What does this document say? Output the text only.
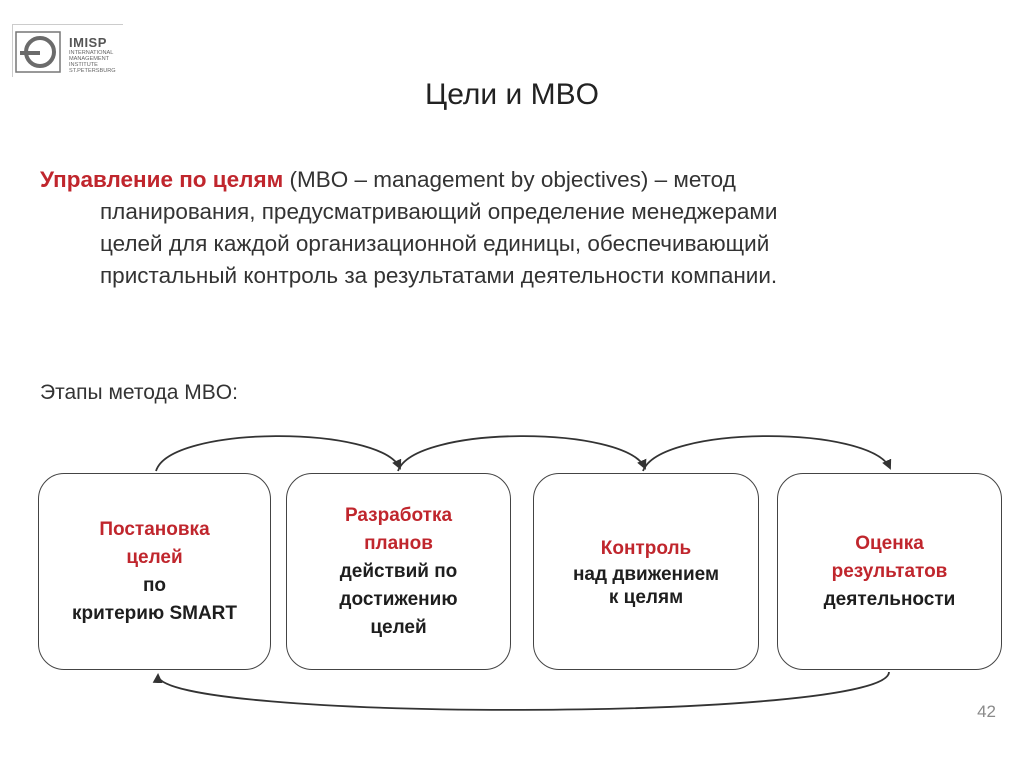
IMISP
INTERNATIONAL
MANAGEMENT
INSTITUTE
ST.PETERSBURG
Цели и MBO
Управление по целям (MBO – management by objectives) – метод
планирования, предусматривающий определение менеджерами
целей для каждой организационной единицы, обеспечивающий
пристальный контроль за результатами деятельности компании.
Этапы метода MBO:
Постановка
целей
по
критерию SMART
Разработка
планов
действий по
достижению
целей
Контроль
над движением
к целям
Оценка
результатов
деятельности
42
